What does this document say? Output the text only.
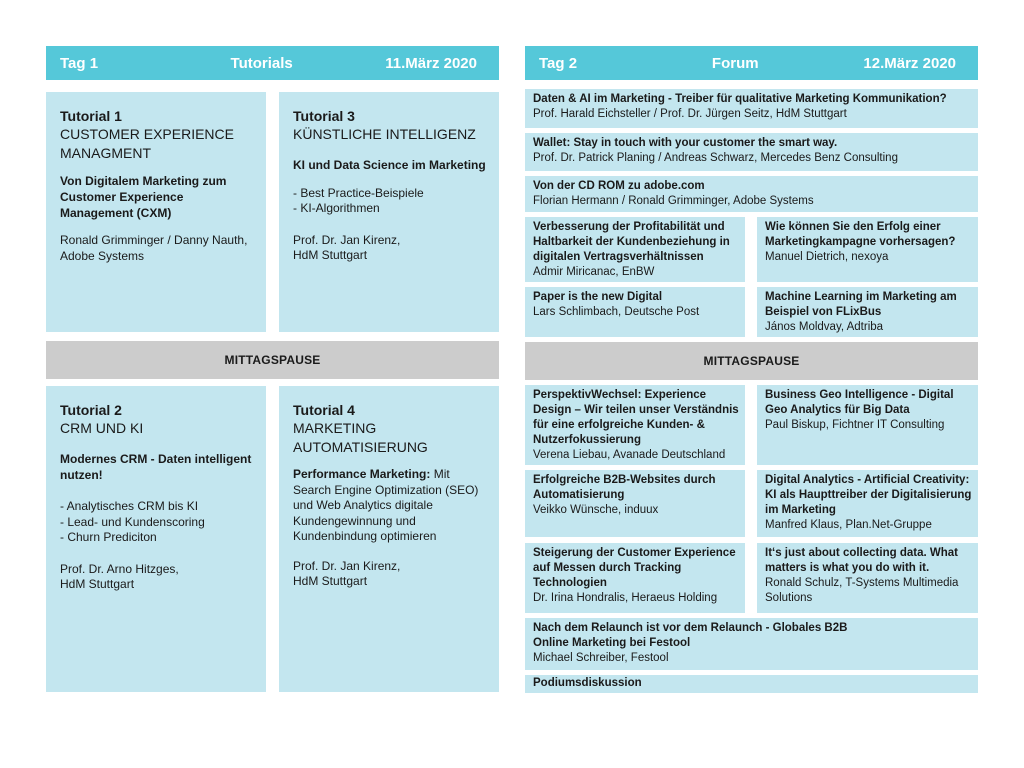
Tag 1	Tutorials	11.März 2020
Tutorial 1
CUSTOMER EXPERIENCE
MANAGMENT
Von Digitalem Marketing zum Customer Experience Management (CXM)
Ronald Grimminger / Danny Nauth,
Adobe Systems
Tutorial 3
KÜNSTLICHE INTELLIGENZ
KI und Data Science im Marketing
- Best Practice-Beispiele
- KI-Algorithmen
Prof. Dr. Jan Kirenz,
HdM Stuttgart
MITTAGSPAUSE
Tutorial 2
CRM UND KI
Modernes CRM - Daten intelligent nutzen!
- Analytisches CRM bis KI
- Lead- und Kundenscoring
- Churn Prediciton
Prof. Dr. Arno Hitzges,
HdM Stuttgart
Tutorial 4
MARKETING
AUTOMATISIERUNG
Performance Marketing: Mit Search Engine Optimization (SEO) und Web Analytics digitale Kundengewinnung und Kundenbindung optimieren
Prof. Dr. Jan Kirenz,
HdM Stuttgart
Tag 2	Forum	12.März 2020
Daten & AI im Marketing - Treiber für qualitative Marketing Kommunikation?
Prof. Harald Eichsteller / Prof. Dr. Jürgen Seitz, HdM Stuttgart
Wallet: Stay in touch with your customer the smart way.
Prof. Dr. Patrick Planing / Andreas Schwarz, Mercedes Benz Consulting
Von der CD ROM zu adobe.com
Florian Hermann / Ronald Grimminger, Adobe Systems
Verbesserung der Profitabilität und Haltbarkeit der Kundenbeziehung in digitalen Vertragsverhältnissen
Admir Miricanac, EnBW
Wie können Sie den Erfolg einer Marketingkampagne vorhersagen?
Manuel Dietrich, nexoya
Paper is the new Digital
Lars Schlimbach, Deutsche Post
Machine Learning im Marketing am Beispiel von FLixBus
János Moldvay, Adtriba
MITTAGSPAUSE
PerspektivWechsel: Experience Design – Wir teilen unser Verständnis für eine erfolgreiche Kunden- & Nutzerfokussierung
Verena Liebau, Avanade Deutschland
Business Geo Intelligence - Digital Geo Analytics für Big Data
Paul Biskup, Fichtner IT Consulting
Erfolgreiche B2B-Websites durch Automatisierung
Veikko Wünsche, induux
Digital Analytics - Artificial Creativity: KI als Haupttreiber der Digitalisierung im Marketing
Manfred Klaus, Plan.Net-Gruppe
Steigerung der Customer Experience auf Messen durch Tracking Technologien
Dr. Irina Hondralis, Heraeus Holding
It‘s just about collecting data. What matters is what you do with it.
Ronald Schulz, T-Systems Multimedia Solutions
Nach dem Relaunch ist vor dem Relaunch - Globales B2B Online Marketing bei Festool
Michael Schreiber, Festool
Podiumsdiskussion
